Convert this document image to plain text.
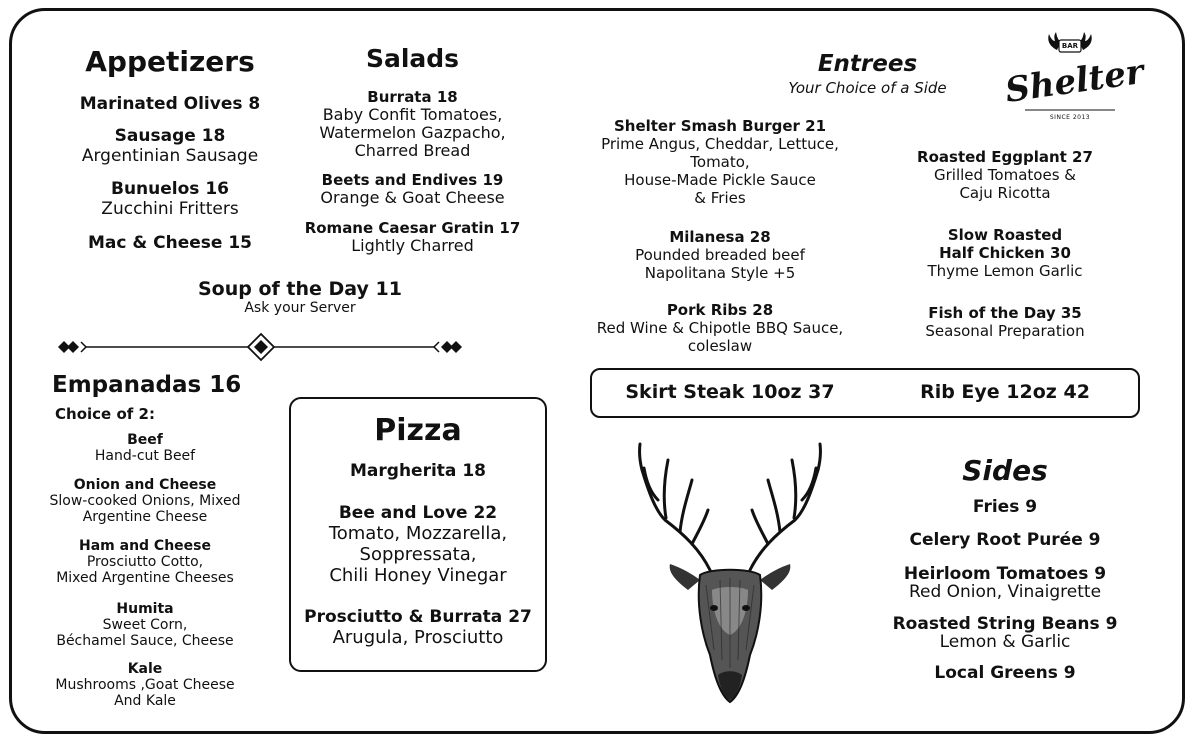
Appetizers
Marinated Olives 8
Sausage 18
Argentinian Sausage
Bunuelos 16
Zucchini Fritters
Mac & Cheese 15
Salads
Burrata 18
Baby Confit Tomatoes,
Watermelon Gazpacho,
Charred Bread
Beets and Endives 19
Orange & Goat Cheese
Romane Caesar Gratin 17
Lightly Charred
Soup of the Day 11
Ask your Server
Empanadas 16
Choice of 2:
Beef
Hand-cut Beef
Onion and Cheese
Slow-cooked Onions, Mixed
Argentine Cheese
Ham and Cheese
Prosciutto Cotto,
Mixed Argentine Cheeses
Humita
Sweet Corn,
Béchamel Sauce, Cheese
Kale
Mushrooms ,Goat Cheese
And Kale
Pizza
Margherita 18
Bee and Love 22
Tomato, Mozzarella,
Soppressata,
Chili Honey Vinegar
Prosciutto & Burrata 27
Arugula, Prosciutto
Entrees
Your Choice of a Side
Shelter Smash Burger 21
Prime Angus, Cheddar, Lettuce,
Tomato,
House-Made Pickle Sauce
& Fries
Milanesa 28
Pounded breaded beef
Napolitana Style +5
Pork Ribs 28
Red Wine & Chipotle BBQ Sauce,
coleslaw
Roasted Eggplant 27
Grilled Tomatoes &
Caju Ricotta
Slow Roasted
Half Chicken 30
Thyme Lemon Garlic
Fish of the Day 35
Seasonal Preparation
Skirt Steak 10oz 37	Rib Eye 12oz 42
BAR
Shelter
SINCE 2013
Sides
Fries 9
Celery Root Purée 9
Heirloom Tomatoes 9
Red Onion, Vinaigrette
Roasted String Beans 9
Lemon & Garlic
Local Greens 9
